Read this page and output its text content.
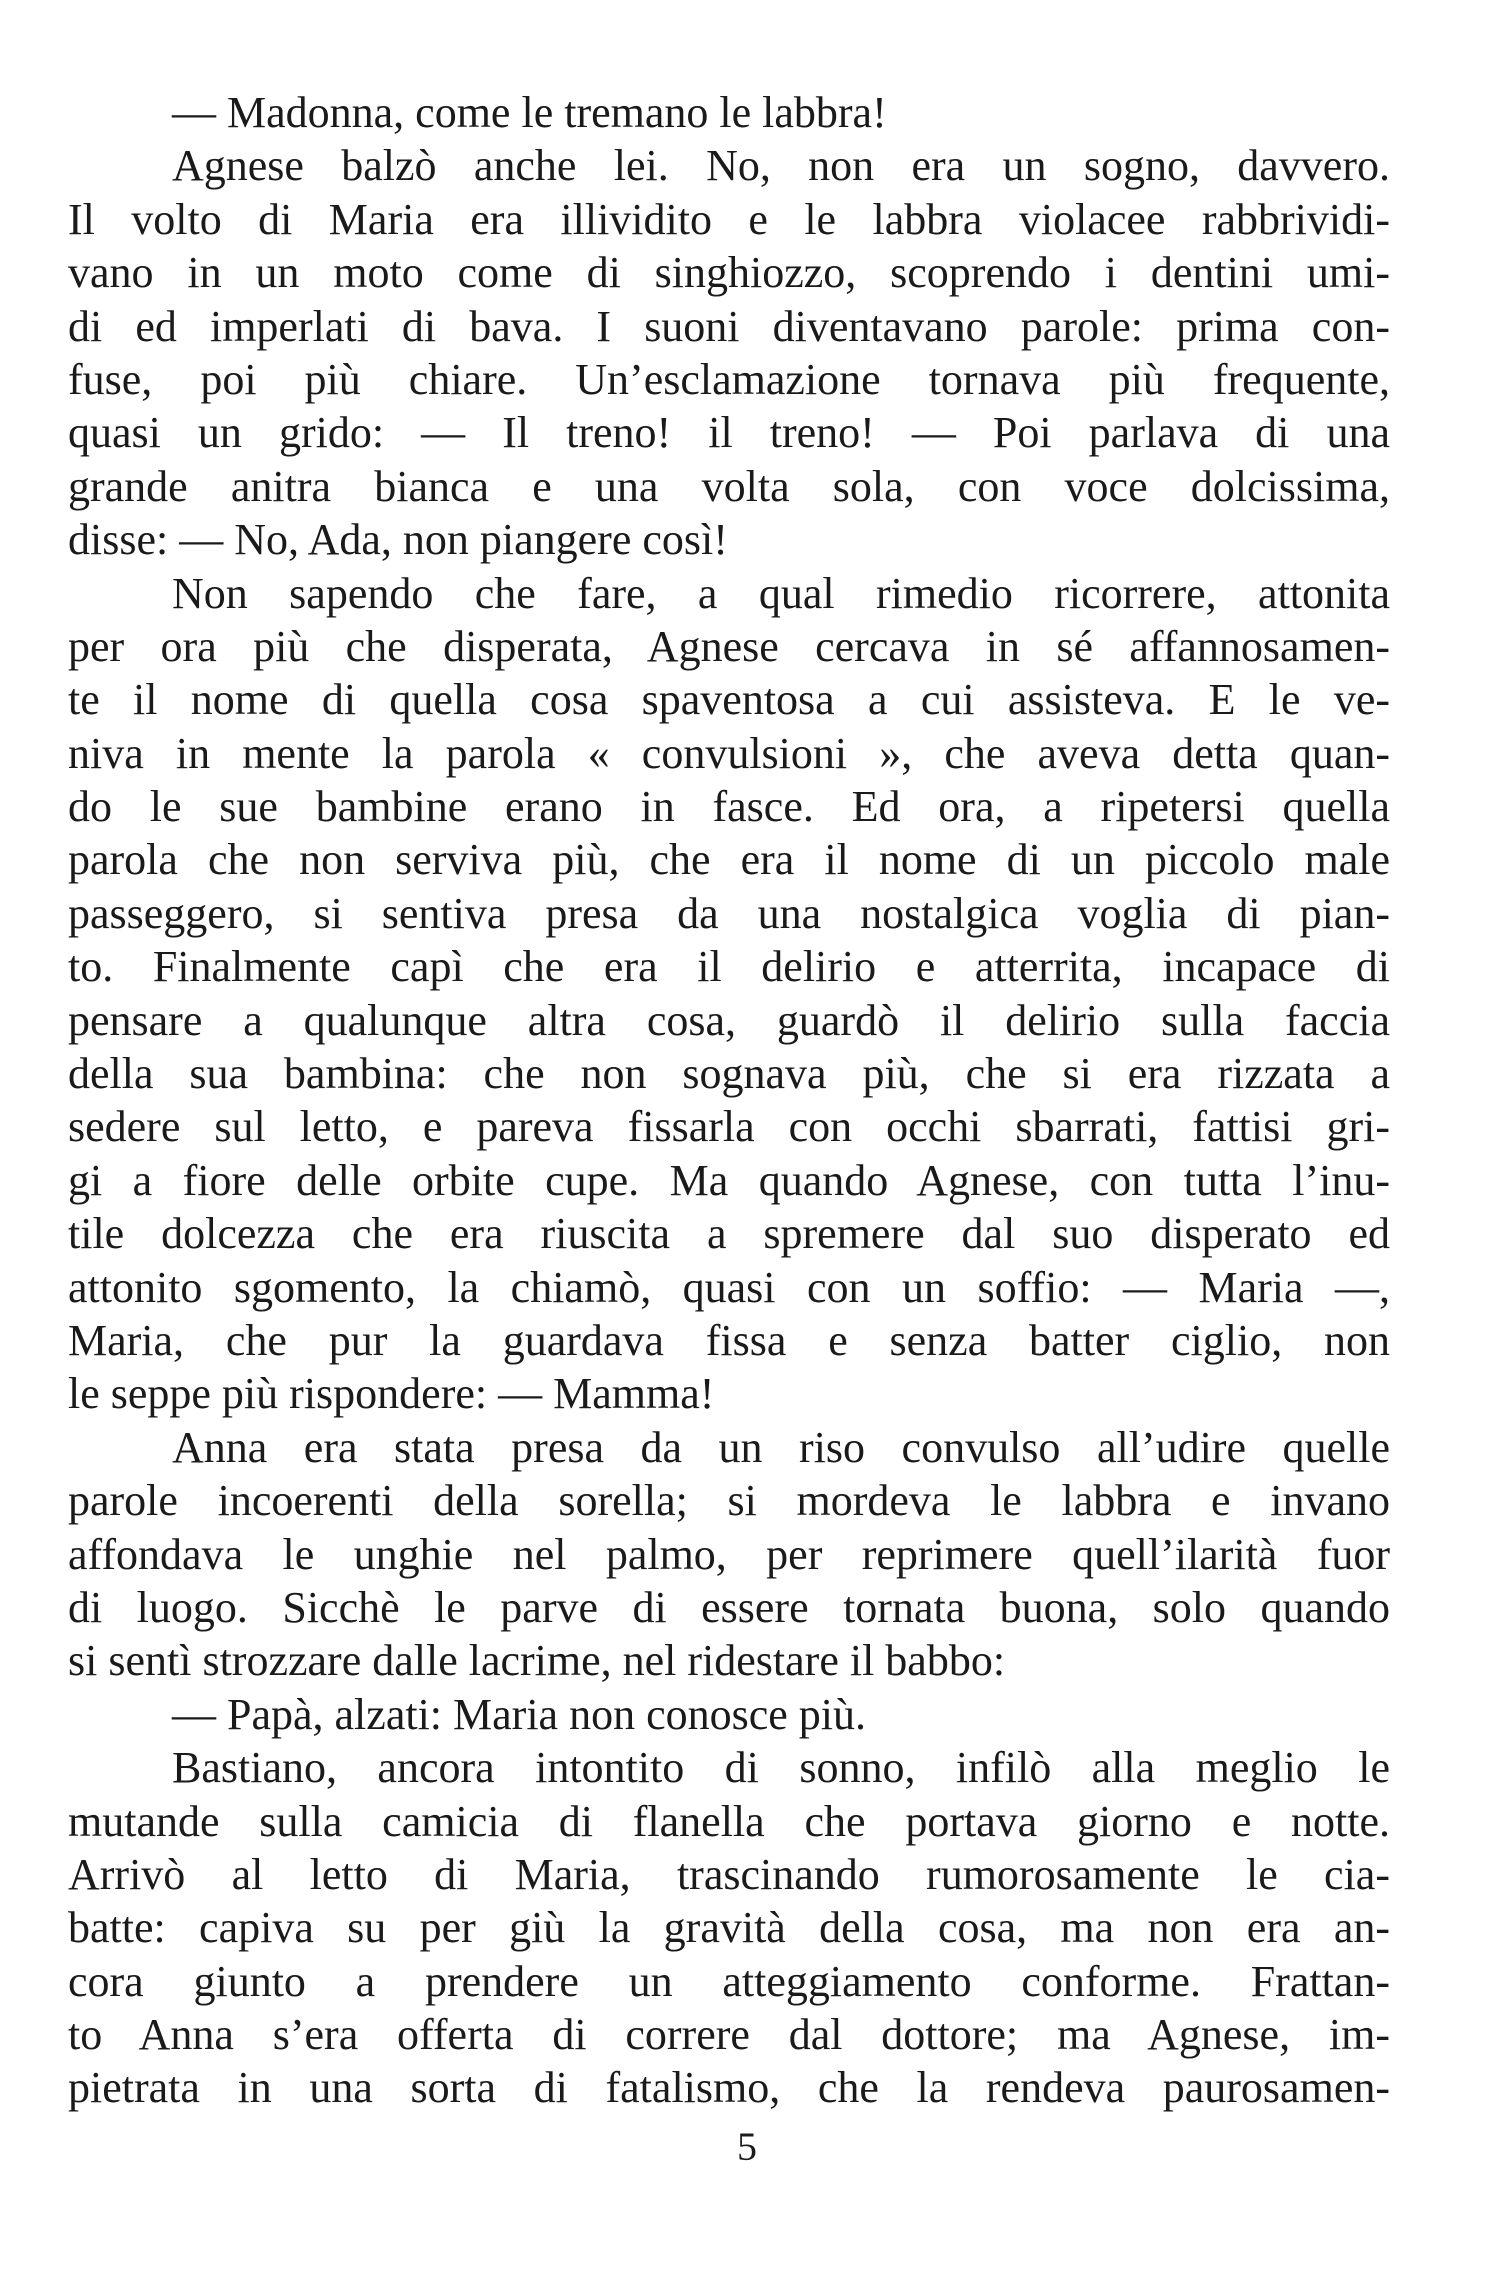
— Madonna, come le tremano le labbra!
Agnese balzò anche lei. No, non era un sogno, davvero.
Il volto di Maria era illividito e le labbra violacee rabbrividi-
vano in un moto come di singhiozzo, scoprendo i dentini umi-
di ed imperlati di bava. I suoni diventavano parole: prima con-
fuse, poi più chiare. Un’esclamazione tornava più frequente,
quasi un grido: — Il treno! il treno! — Poi parlava di una
grande anitra bianca e una volta sola, con voce dolcissima,
disse: — No, Ada, non piangere così!
Non sapendo che fare, a qual rimedio ricorrere, attonita
per ora più che disperata, Agnese cercava in sé affannosamen-
te il nome di quella cosa spaventosa a cui assisteva. E le ve-
niva in mente la parola « convulsioni », che aveva detta quan-
do le sue bambine erano in fasce. Ed ora, a ripetersi quella
parola che non serviva più, che era il nome di un piccolo male
passeggero, si sentiva presa da una nostalgica voglia di pian-
to. Finalmente capì che era il delirio e atterrita, incapace di
pensare a qualunque altra cosa, guardò il delirio sulla faccia
della sua bambina: che non sognava più, che si era rizzata a
sedere sul letto, e pareva fissarla con occhi sbarrati, fattisi gri-
gi a fiore delle orbite cupe. Ma quando Agnese, con tutta l’inu-
tile dolcezza che era riuscita a spremere dal suo disperato ed
attonito sgomento, la chiamò, quasi con un soffio: — Maria —,
Maria, che pur la guardava fissa e senza batter ciglio, non
le seppe più rispondere: — Mamma!
Anna era stata presa da un riso convulso all’udire quelle
parole incoerenti della sorella; si mordeva le labbra e invano
affondava le unghie nel palmo, per reprimere quell’ilarità fuor
di luogo. Sicchè le parve di essere tornata buona, solo quando
si sentì strozzare dalle lacrime, nel ridestare il babbo:
— Papà, alzati: Maria non conosce più.
Bastiano, ancora intontito di sonno, infilò alla meglio le
mutande sulla camicia di flanella che portava giorno e notte.
Arrivò al letto di Maria, trascinando rumorosamente le cia-
batte: capiva su per giù la gravità della cosa, ma non era an-
cora giunto a prendere un atteggiamento conforme. Frattan-
to Anna s’era offerta di correre dal dottore; ma Agnese, im-
pietrata in una sorta di fatalismo, che la rendeva paurosamen-
5
